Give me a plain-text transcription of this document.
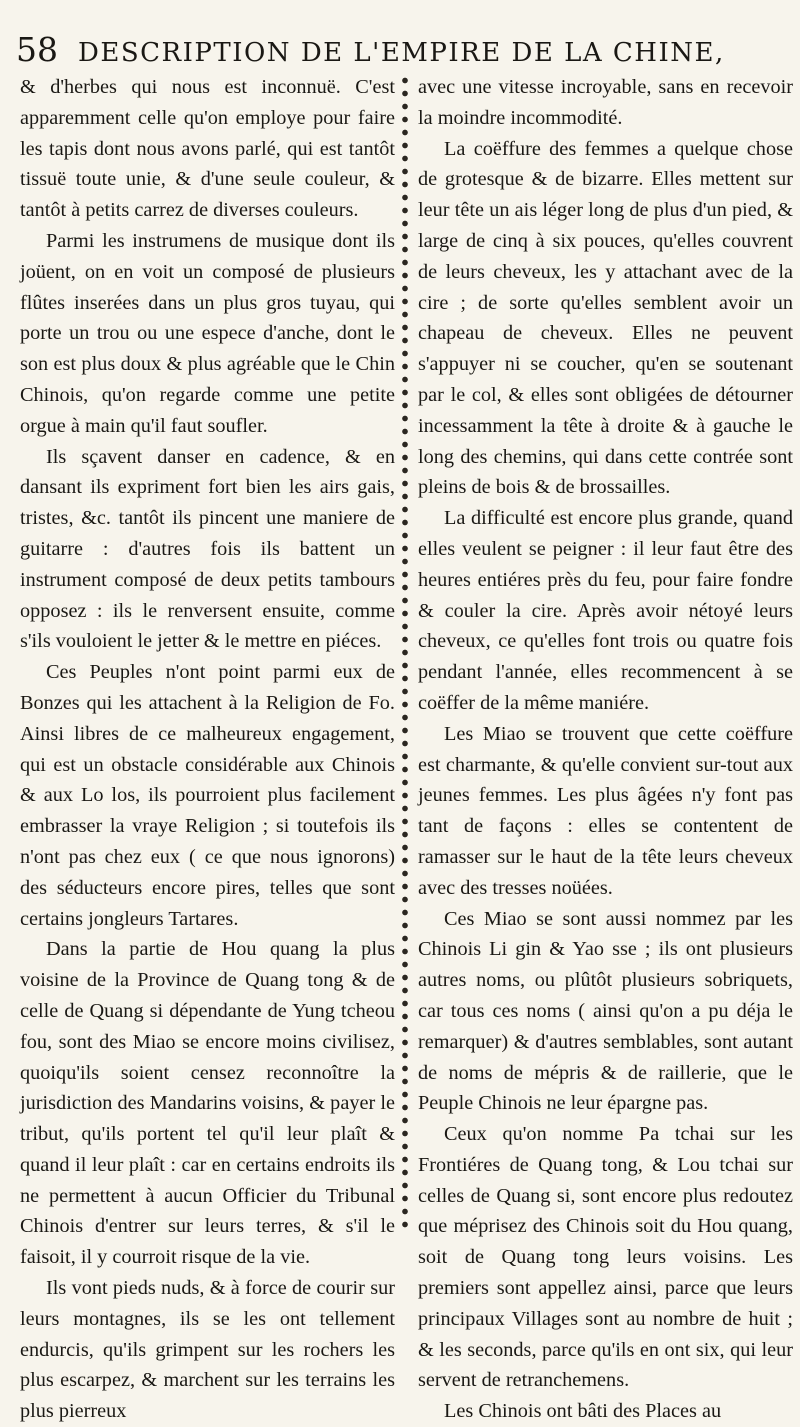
58 DESCRIPTION DE L'EMPIRE DE LA CHINE,

& d'herbes qui nous est inconnuë. C'est apparemment celle qu'on employe pour faire les tapis dont nous avons parlé, qui est tantôt tissuë toute unie, & d'une seule couleur, & tantôt à petits carrez de diverses couleurs.

Parmi les instrumens de musique dont ils joüent, on en voit un composé de plusieurs flûtes inserées dans un plus gros tuyau, qui porte un trou ou une espece d'anche, dont le son est plus doux & plus agréable que le Chin Chinois, qu'on regarde comme une petite orgue à main qu'il faut soufler.

Ils sçavent danser en cadence, & en dansant ils expriment fort bien les airs gais, tristes, &c. tantôt ils pincent une maniere de guitarre : d'autres fois ils battent un instrument composé de deux petits tambours opposez : ils le renversent ensuite, comme s'ils vouloient le jetter & le mettre en piéces.

Ces Peuples n'ont point parmi eux de Bonzes qui les attachent à la Religion de Fo. Ainsi libres de ce malheureux engagement, qui est un obstacle considérable aux Chinois & aux Lo los, ils pourroient plus facilement embrasser la vraye Religion ; si toutefois ils n'ont pas chez eux ( ce que nous ignorons) des séducteurs encore pires, telles que sont certains jongleurs Tartares.

Dans la partie de Hou quang la plus voisine de la Province de Quang tong & de celle de Quang si dépendante de Yung tcheou fou, sont des Miao se encore moins civilisez, quoiqu'ils soient censez reconnoître la jurisdiction des Mandarins voisins, & payer le tribut, qu'ils portent tel qu'il leur plaît & quand il leur plaît : car en certains endroits ils ne permettent à aucun Officier du Tribunal Chinois d'entrer sur leurs terres, & s'il le faisoit, il y courroit risque de la vie.

Ils vont pieds nuds, & à force de courir sur leurs montagnes, ils se les ont tellement endurcis, qu'ils grimpent sur les rochers les plus escarpez, & marchent sur les terrains les plus pierreux

avec une vitesse incroyable, sans en recevoir la moindre incommodité.

La coëffure des femmes a quelque chose de grotesque & de bizarre. Elles mettent sur leur tête un ais léger long de plus d'un pied, & large de cinq à six pouces, qu'elles couvrent de leurs cheveux, les y attachant avec de la cire ; de sorte qu'elles semblent avoir un chapeau de cheveux. Elles ne peuvent s'appuyer ni se coucher, qu'en se soutenant par le col, & elles sont obligées de détourner incessamment la tête à droite & à gauche le long des chemins, qui dans cette contrée sont pleins de bois & de brossailles.

La difficulté est encore plus grande, quand elles veulent se peigner : il leur faut être des heures entiéres près du feu, pour faire fondre & couler la cire. Après avoir nétoyé leurs cheveux, ce qu'elles font trois ou quatre fois pendant l'année, elles recommencent à se coëffer de la même maniére.

Les Miao se trouvent que cette coëffure est charmante, & qu'elle convient sur-tout aux jeunes femmes. Les plus âgées n'y font pas tant de façons : elles se contentent de ramasser sur le haut de la tête leurs cheveux avec des tresses noüées.

Ces Miao se sont aussi nommez par les Chinois Li gin & Yao sse ; ils ont plusieurs autres noms, ou plûtôt plusieurs sobriquets, car tous ces noms ( ainsi qu'on a pu déja le remarquer) & d'autres semblables, sont autant de noms de mépris & de raillerie, que le Peuple Chinois ne leur épargne pas.

Ceux qu'on nomme Pa tchai sur les Frontiéres de Quang tong, & Lou tchai sur celles de Quang si, sont encore plus redoutez que méprisez des Chinois soit du Hou quang, soit de Quang tong leurs voisins. Les premiers sont appellez ainsi, parce que leurs principaux Villages sont au nombre de huit ; & les seconds, parce qu'ils en ont six, qui leur servent de retranchemens.

Les Chinois ont bâti des Places au
